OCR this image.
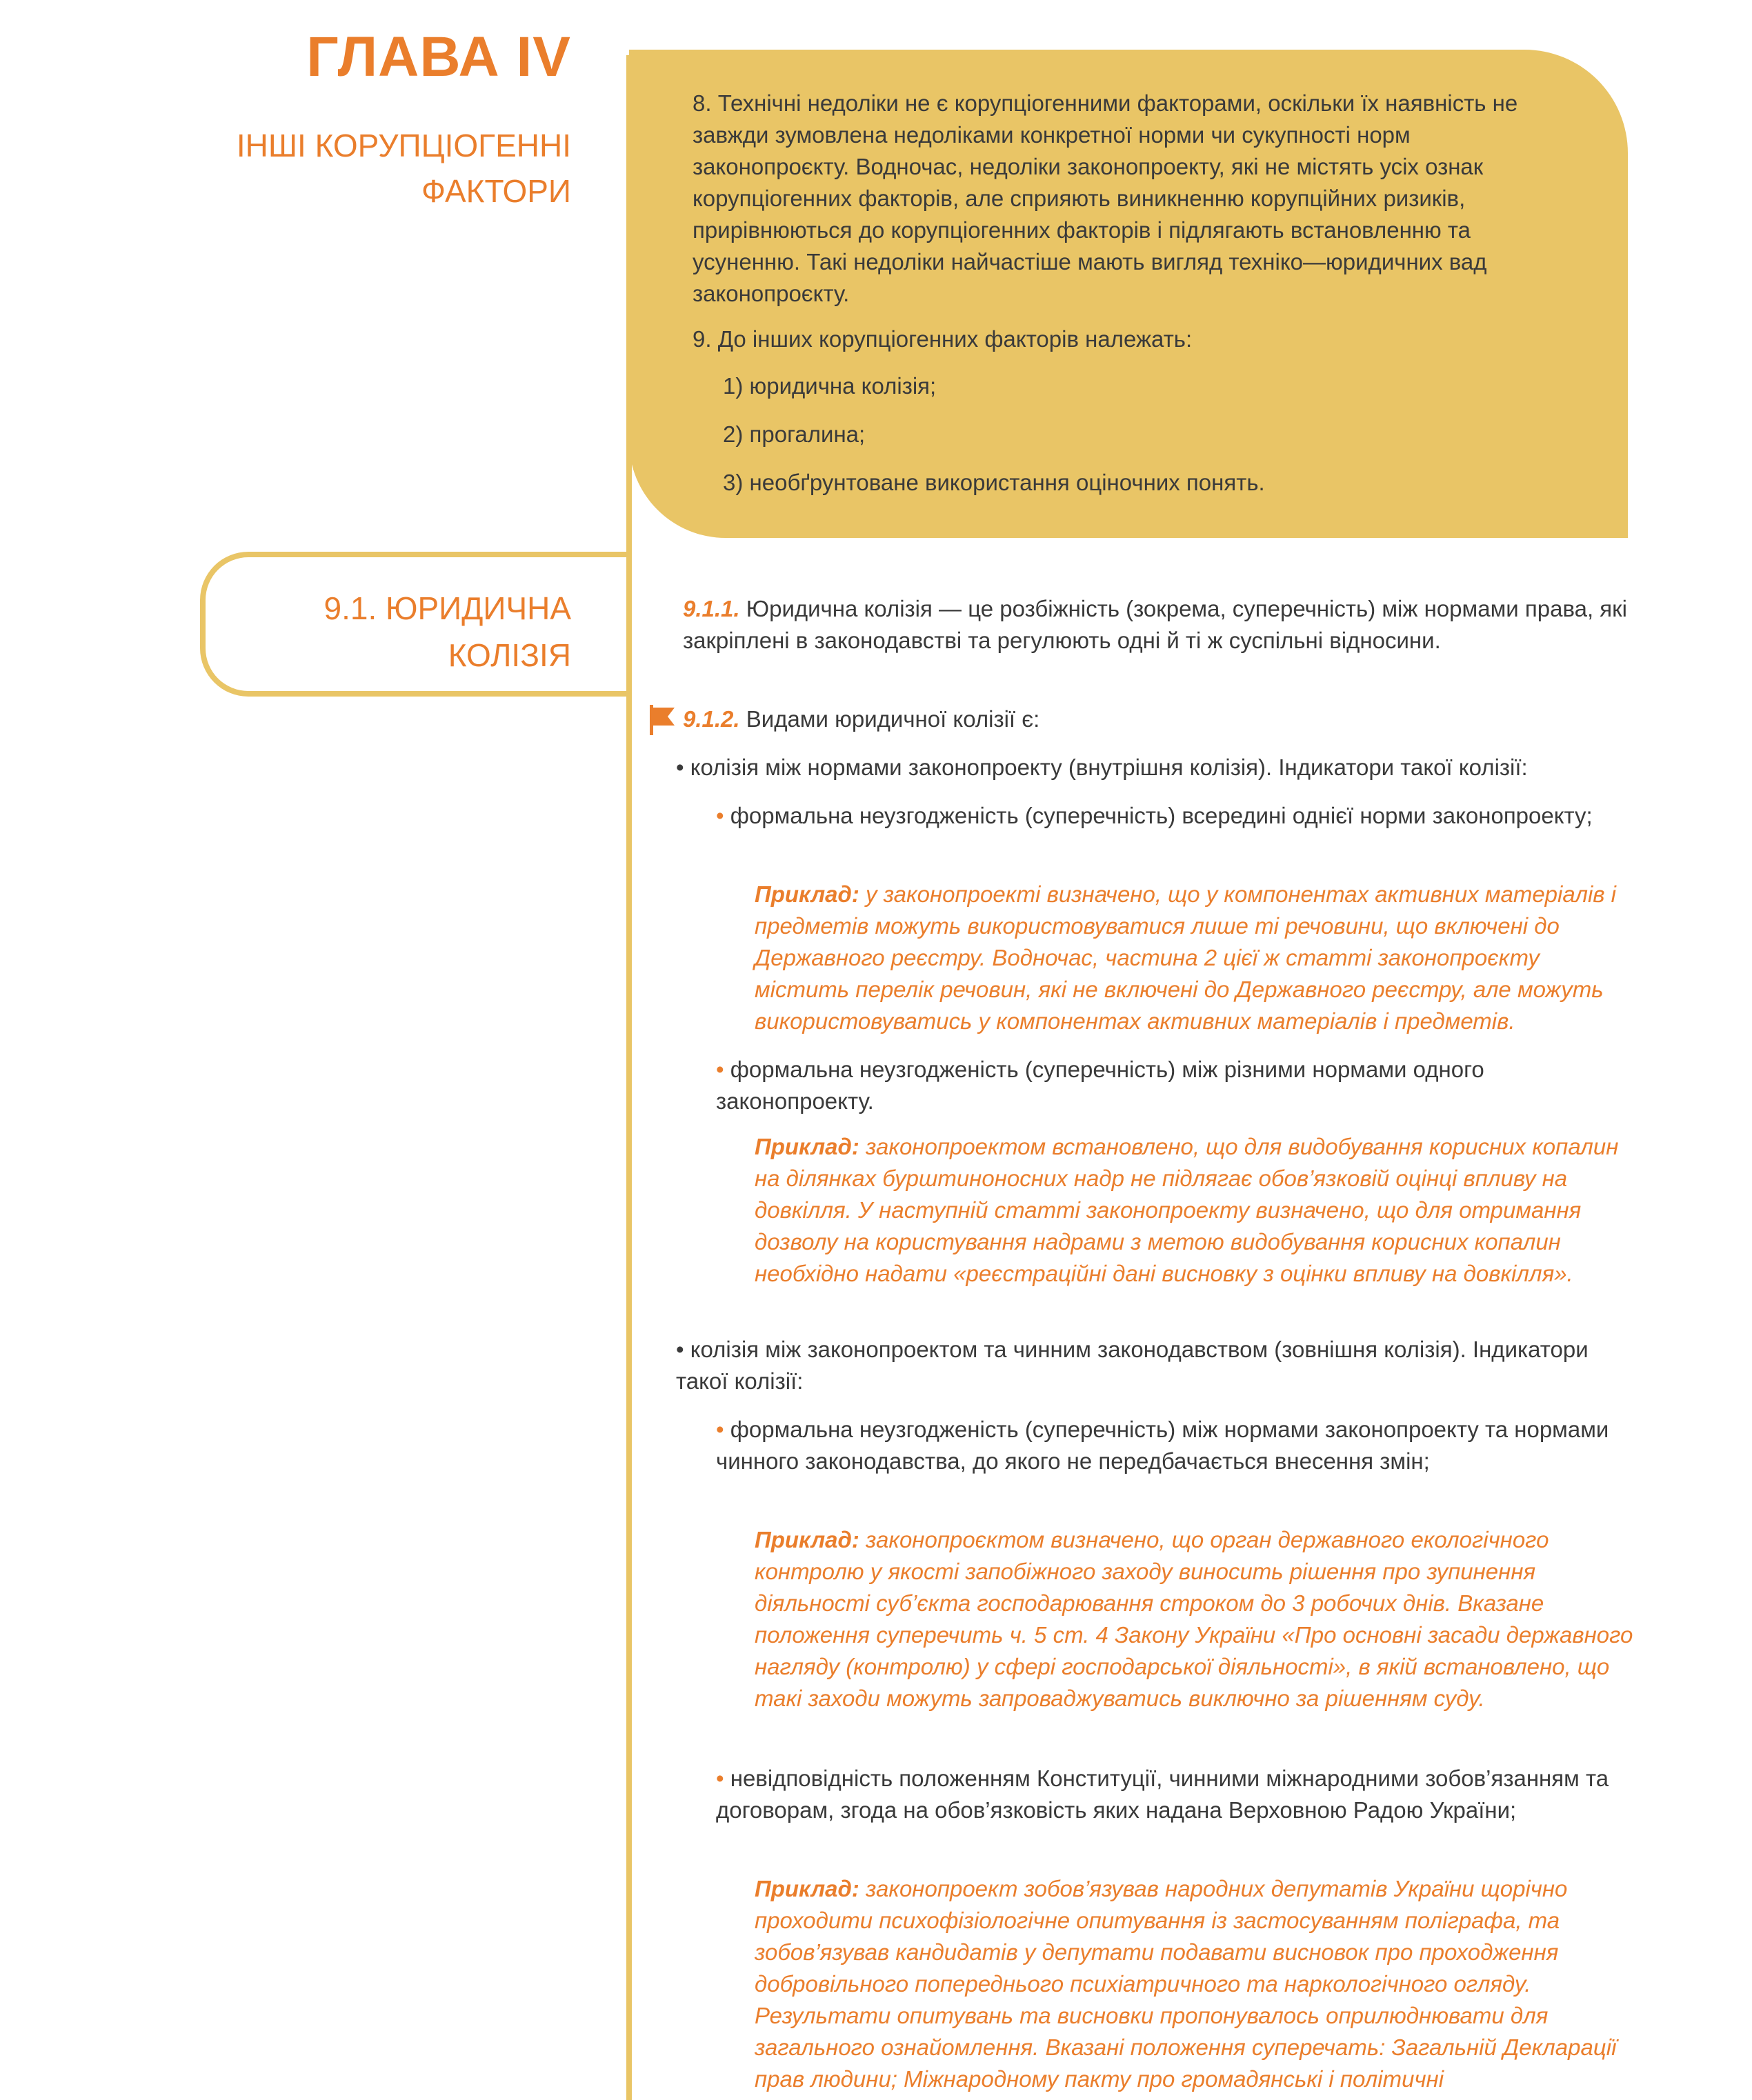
ГЛАВА IV
ІНШІ КОРУПЦІОГЕННІ
ФАКТОРИ

8. Технічні недоліки не є корупціогенними факторами, оскільки їх наявність не завжди зумовлена недоліками конкретної норми чи сукупності норм законопроєкту. Водночас, недоліки законопроекту, які не містять усіх ознак корупціогенних факторів, але сприяють виникненню корупційних ризиків, прирівнюються до корупціогенних факторів і підлягають встановленню та усуненню. Такі недоліки найчастіше мають вигляд техніко—юридичних вад законопроєкту.

9. До інших корупціогенних факторів належать:

1) юридична колізія;

2) прогалина;

3) необґрунтоване використання оціночних понять.

9.1. ЮРИДИЧНА
КОЛІЗІЯ

9.1.1. Юридична колізія — це розбіжність (зокрема, суперечність) між нормами права, які закріплені в законодавстві та регулюють одні й ті ж суспільні відносини.

9.1.2. Видами юридичної колізії є:

• колізія між нормами законопроекту (внутрішня колізія). Індикатори такої колізії:

• формальна неузгодженість (суперечність) всередині однієї норми законопроекту;

Приклад: у законопроекті визначено, що у компонентах активних матеріалів і предметів можуть використовуватися лише ті речовини, що включені до Державного реєстру. Водночас, частина 2 цієї ж статті законопроєкту містить перелік речовин, які не включені до Державного реєстру, але можуть використовуватись у компонентах активних матеріалів і предметів.

• формальна неузгодженість (суперечність) між різними нормами одного законопроекту.

Приклад: законопроектом встановлено, що для видобування корисних копалин на ділянках бурштиноносних надр не підлягає обов’язковій оцінці впливу на довкілля. У наступній статті законопроекту визначено, що для отримання дозволу на користування надрами з метою видобування корисних копалин необхідно надати «реєстраційні дані висновку з оцінки впливу на довкілля».

• колізія між законопроектом та чинним законодавством (зовнішня колізія). Індикатори такої колізії:

• формальна неузгодженість (суперечність) між нормами законопроекту та нормами чинного законодавства, до якого не передбачається внесення змін;

Приклад: законопроєктом визначено, що орган державного екологічного контролю у якості запобіжного заходу виносить рішення про зупинення діяльності суб’єкта господарювання строком до 3 робочих днів. Вказане положення суперечить ч. 5 ст. 4 Закону України «Про основні засади державного нагляду (контролю) у сфері господарської діяльності», в якій встановлено, що такі заходи можуть запроваджуватись виключно за рішенням суду.

• невідповідність положенням Конституції, чинними міжнародними зобов’язанням та договорам, згода на обов’язковість яких надана Верховною Радою України;

Приклад: законопроект зобов’язував народних депутатів України щорічно проходити психофізіологічне опитування із застосуванням поліграфа, та зобов’язував кандидатів у депутати подавати висновок про проходження добровільного попереднього психіатричного та наркологічного огляду. Результати опитувань та висновки пропонувалось оприлюднювати для загального ознайомлення. Вказані положення суперечать: Загальній Декларації прав людини; Міжнародному пакту про громадянські і політичні
